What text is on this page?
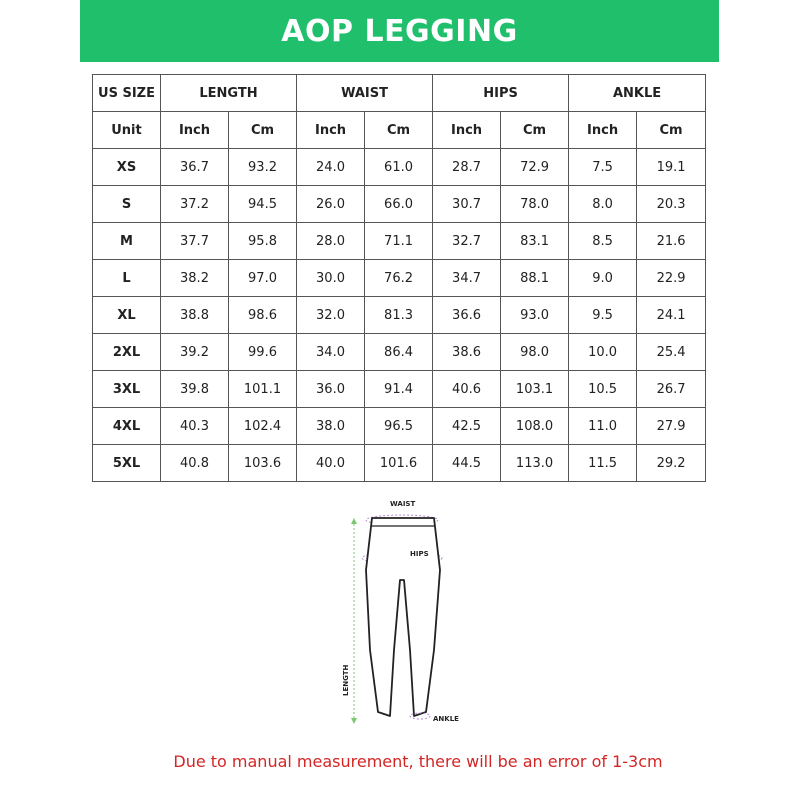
AOP LEGGING
US SIZE	LENGTH		WAIST		HIPS		ANKLE	
Unit	Inch	Cm	Inch	Cm	Inch	Cm	Inch	Cm
XS	36.7	93.2	24.0	61.0	28.7	72.9	7.5	19.1
S	37.2	94.5	26.0	66.0	30.7	78.0	8.0	20.3
M	37.7	95.8	28.0	71.1	32.7	83.1	8.5	21.6
L	38.2	97.0	30.0	76.2	34.7	88.1	9.0	22.9
XL	38.8	98.6	32.0	81.3	36.6	93.0	9.5	24.1
2XL	39.2	99.6	34.0	86.4	38.6	98.0	10.0	25.4
3XL	39.8	101.1	36.0	91.4	40.6	103.1	10.5	26.7
4XL	40.3	102.4	38.0	96.5	42.5	108.0	11.0	27.9
5XL	40.8	103.6	40.0	101.6	44.5	113.0	11.5	29.2
WAIST
HIPS
ANKLE
LENGTH
Due to manual measurement, there will be an error of 1-3cm
